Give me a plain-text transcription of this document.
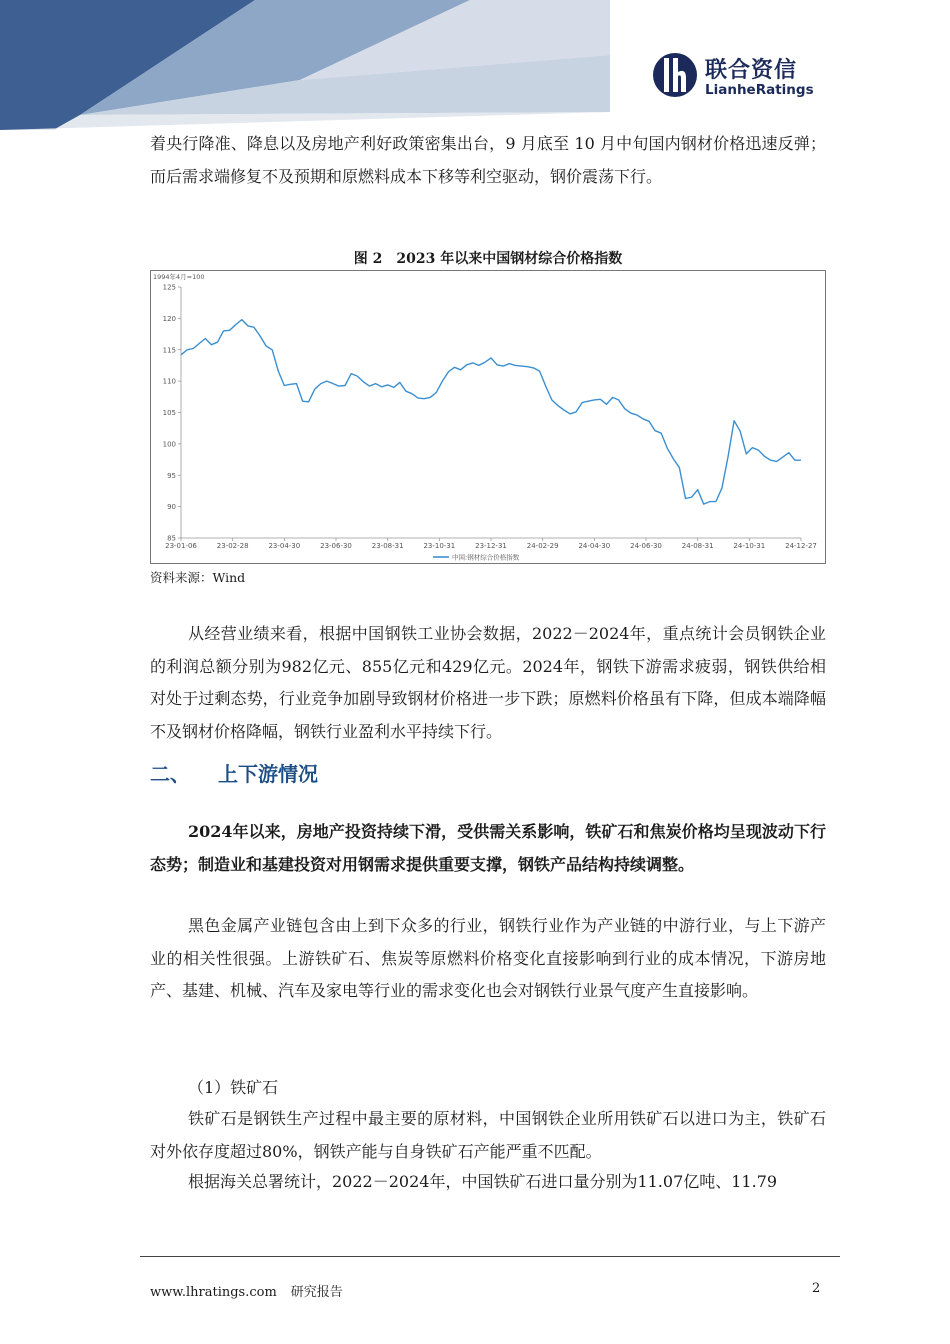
联合资信
LianheRatings

着央行降准、降息以及房地产利好政策密集出台，9 月底至 10 月中旬国内钢材价格迅速反弹；而后需求端修复不及预期和原燃料成本下移等利空驱动，钢价震荡下行。

图 2　2023 年以来中国钢材综合价格指数

1994年4月=100
85
90
95
100
105
110
115
120
125
23-01-06	23-02-28	23-04-30	23-06-30	23-08-31	23-10-31	23-12-31	24-02-29	24-04-30	24-06-30	24-08-31	24-10-31	24-12-27
中国:钢材综合价格指数

资料来源：Wind

从经营业绩来看，根据中国钢铁工业协会数据，2022－2024年，重点统计会员钢铁企业的利润总额分别为982亿元、855亿元和429亿元。2024年，钢铁下游需求疲弱，钢铁供给相对处于过剩态势，行业竞争加剧导致钢材价格进一步下跌；原燃料价格虽有下降，但成本端降幅不及钢材价格降幅，钢铁行业盈利水平持续下行。

二、 上下游情况

2024年以来，房地产投资持续下滑，受供需关系影响，铁矿石和焦炭价格均呈现波动下行态势；制造业和基建投资对用钢需求提供重要支撑，钢铁产品结构持续调整。

黑色金属产业链包含由上到下众多的行业，钢铁行业作为产业链的中游行业，与上下游产业的相关性很强。上游铁矿石、焦炭等原燃料价格变化直接影响到行业的成本情况，下游房地产、基建、机械、汽车及家电等行业的需求变化也会对钢铁行业景气度产生直接影响。

（1）铁矿石

铁矿石是钢铁生产过程中最主要的原材料，中国钢铁企业所用铁矿石以进口为主，铁矿石对外依存度超过80%，钢铁产能与自身铁矿石产能严重不匹配。

根据海关总署统计，2022－2024年，中国铁矿石进口量分别为11.07亿吨、11.79

www.lhratings.com 研究报告	2
